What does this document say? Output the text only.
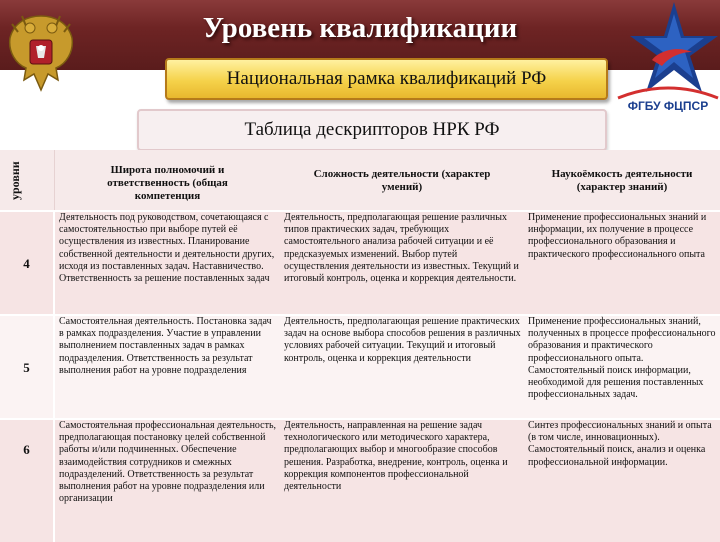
Уровень квалификации
ФГБУ ФЦПСР
Национальная рамка квалификаций РФ
Таблица дескрипторов НРК РФ
уровни	Широта полномочий и ответственность (общая компетенция
Сложность деятельности (характер умений)
Наукоёмкость деятельности (характер знаний)
4
Деятельность под руководством, сочетающаяся с самостоятельностью при выборе путей её осуществления из известных. Планирование собственной деятельности и деятельности других, исходя из поставленных задач. Наставничество. Ответственность за решение поставленных задач
Деятельность, предполагающая решение различных типов практических задач, требующих самостоятельного анализа рабочей ситуации и её предсказуемых изменений. Выбор путей осуществления деятельности из известных. Текущий и итоговый контроль, оценка и коррекция деятельности.
Применение профессиональных знаний и информации, их получение в процессе профессионального образования и практического профессионального опыта
5
Самостоятельная деятельность. Постановка задач в рамках подразделения. Участие в управлении выполнением поставленных задач в рамках подразделения. Ответственность за результат выполнения работ на уровне подразделения
Деятельность, предполагающая решение практических задач на основе выбора способов решения в различных условиях рабочей ситуации. Текущий и итоговый контроль, оценка и коррекция деятельности
Применение профессиональных знаний, полученных в процессе профессионального образования и практического профессионального опыта. Самостоятельный поиск информации, необходимой для решения поставленных профессиональных задач.
6
Самостоятельная профессиональная деятельность, предполагающая постановку целей собственной работы и/или подчиненных. Обеспечение взаимодействия сотрудников и смежных подразделений. Ответственность за результат выполнения работ на уровне подразделения или организации
Деятельность, направленная на решение задач технологического или методического характера, предполагающих выбор и многообразие способов решения. Разработка, внедрение, контроль, оценка и коррекция компонентов профессиональной деятельности
Синтез профессиональных знаний и опыта (в том числе, инновационных). Самостоятельный поиск, анализ и оценка профессиональной информации.
